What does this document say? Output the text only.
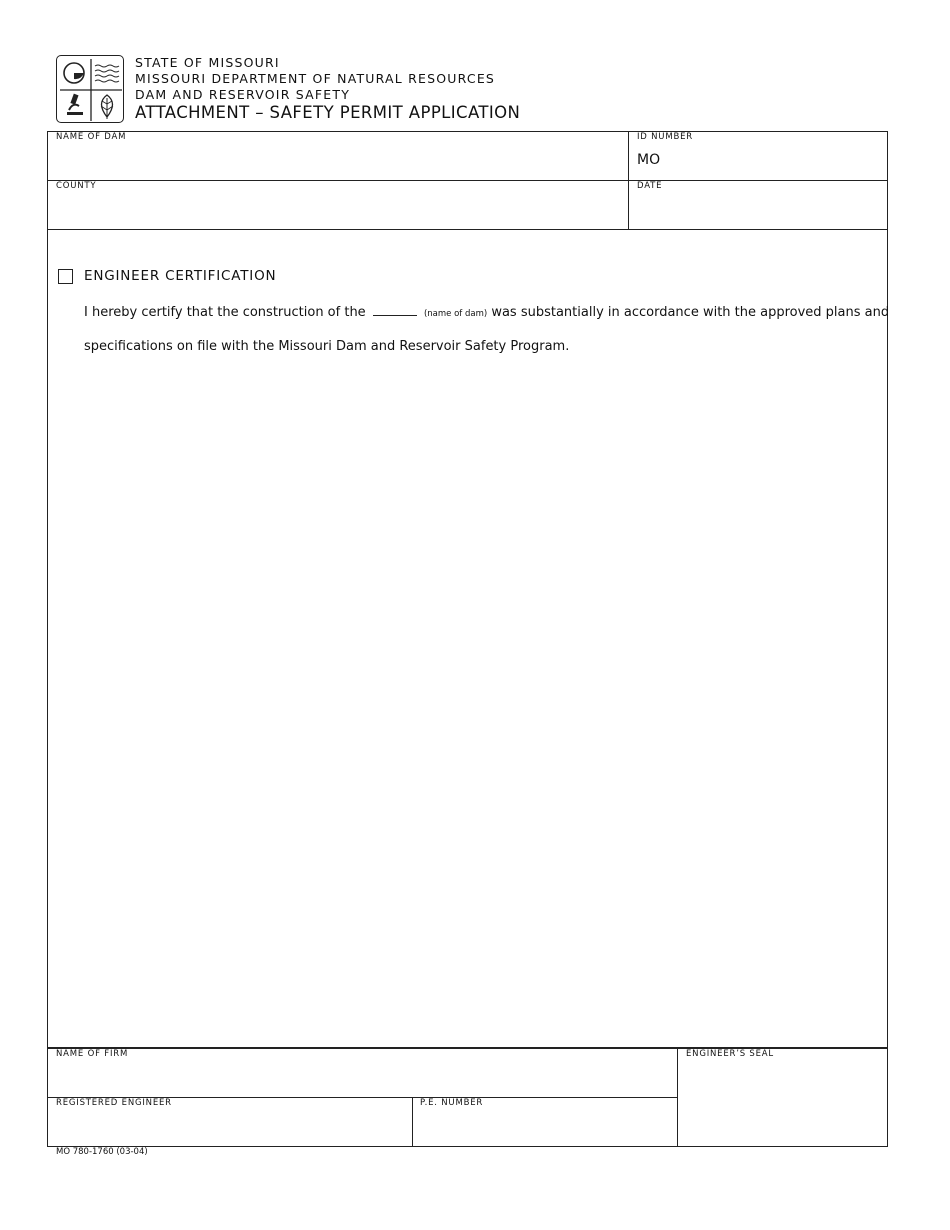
STATE OF MISSOURI
MISSOURI DEPARTMENT OF NATURAL RESOURCES
DAM AND RESERVOIR SAFETY
ATTACHMENT – SAFETY PERMIT APPLICATION
NAME OF DAM	ID NUMBER
MO
COUNTY	DATE
ENGINEER CERTIFICATION
I hereby certify that the construction of the	(name of dam) was substantially in accordance with the approved plans and
specifications on file with the Missouri Dam and Reservoir Safety Program.
NAME OF FIRM	ENGINEER’S SEAL
REGISTERED ENGINEER	P.E. NUMBER
MO 780-1760 (03-04)
